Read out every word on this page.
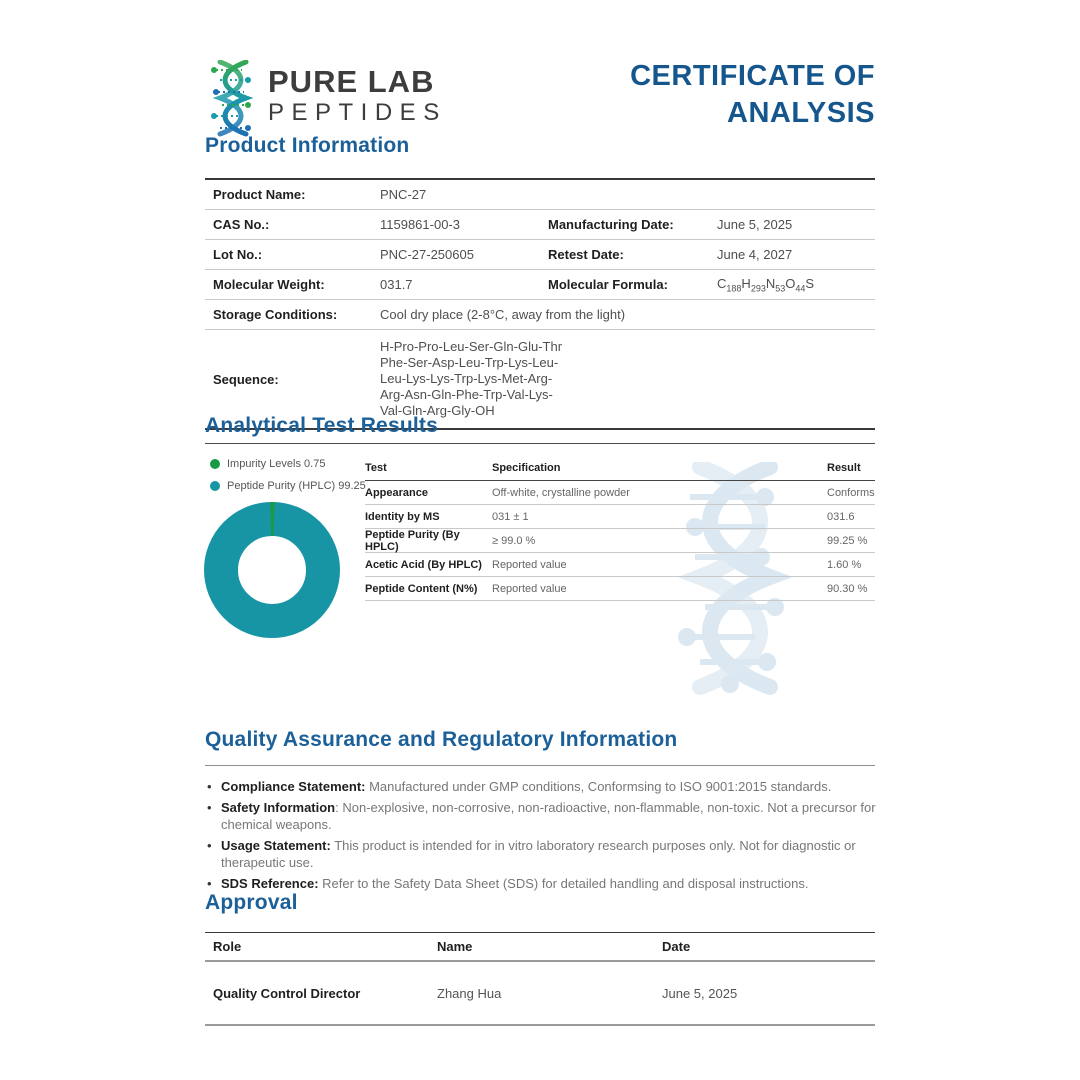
PURE LAB
PEPTIDES
CERTIFICATE OF
ANALYSIS
Product Information
Product Name:	PNC-27
CAS No.:	1159861-00-3	Manufacturing Date:	June 5, 2025
Lot No.:	PNC-27-250605	Retest Date:	June 4, 2027
Molecular Weight:	031.7	Molecular Formula:	$C_{188}H_{293}N_{53}O_{44}S$
Storage Conditions:	Cool dry place (2-8°C, away from the light)
Sequence:
H-Pro-Pro-Leu-Ser-Gln-Glu-Thr
Phe-Ser-Asp-Leu-Trp-Lys-Leu-
Leu-Lys-Lys-Trp-Lys-Met-Arg-
Arg-Asn-Gln-Phe-Trp-Val-Lys-
Val-Gln-Arg-Gly-OH
Analytical Test Results
Impurity Levels 0.75
Peptide Purity (HPLC) 99.25
Test	Specification	Result
Appearance	Off-white, crystalline powder	Conforms
Identity by MS	031 ± 1	031.6
Peptide Purity (By HPLC)	≥ 99.0 %	99.25 %
Acetic Acid (By HPLC) Reported value	1.60 %
Peptide Content (N%)	Reported value	90.30 %
Quality Assurance and Regulatory Information
• Compliance Statement: Manufactured under GMP conditions, Conformsing to ISO 9001:2015 standards.
• Safety Information: Non-explosive, non-corrosive, non-radioactive, non-flammable, non-toxic. Not a precursor for chemical weapons.
• Usage Statement: This product is intended for in vitro laboratory research purposes only. Not for diagnostic or therapeutic use.
• SDS Reference: Refer to the Safety Data Sheet (SDS) for detailed handling and disposal instructions.
Approval
Role	Name	Date
Quality Control Director	Zhang Hua	June 5, 2025
